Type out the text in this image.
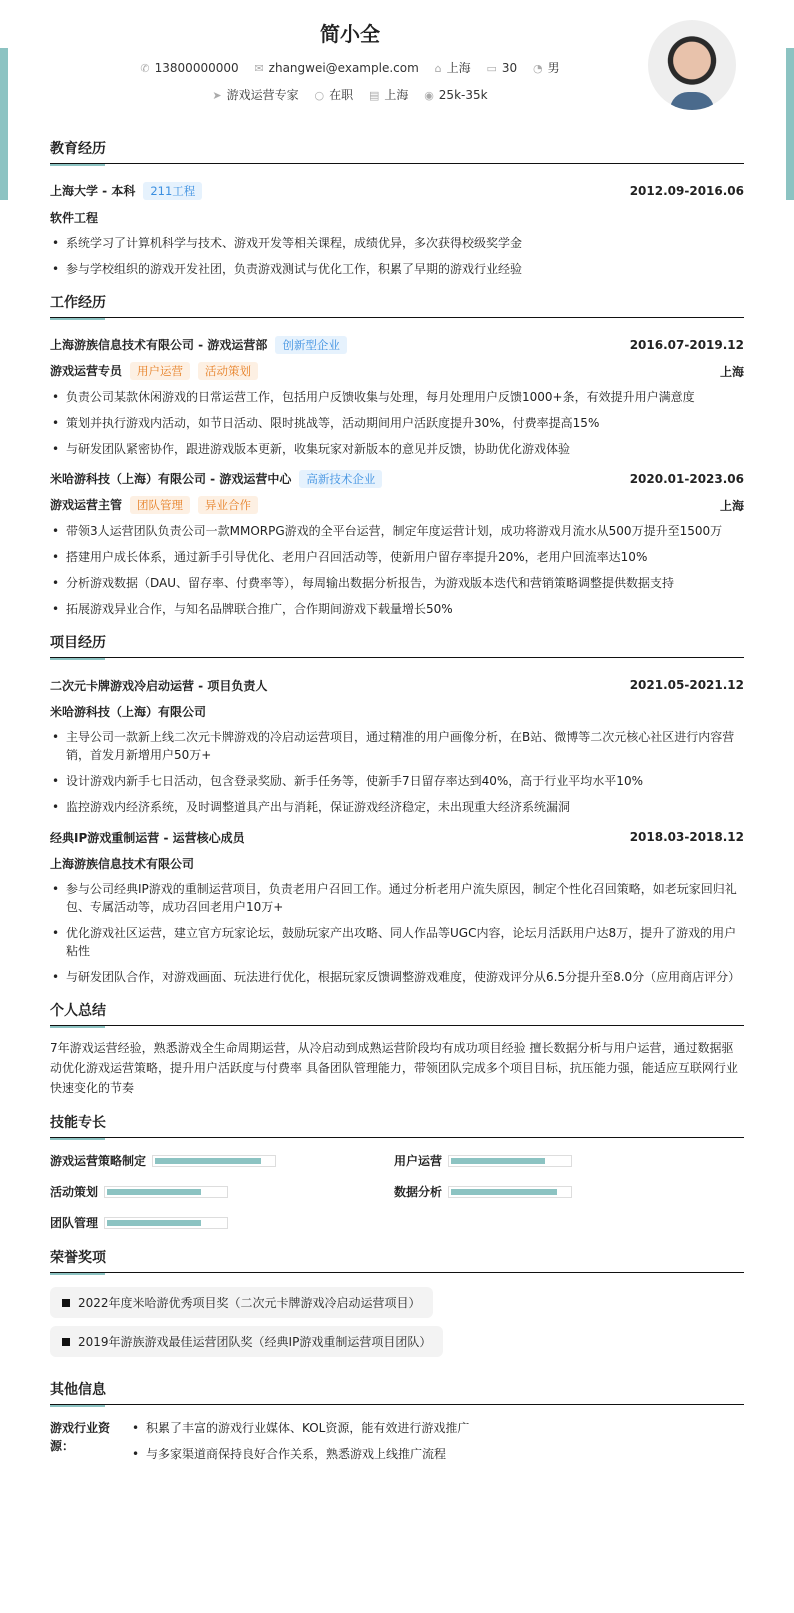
简小全
✆ 13800000000 ✉ zhangwei@example.com ⌂ 上海 ▭ 30 ◔ 男
➤ 游戏运营专家 ○ 在职 ▤ 上海 ◉ 25k-35k
教育经历
上海大学 - 本科 211工程	2012.09-2016.06
软件工程
• 系统学习了计算机科学与技术、游戏开发等相关课程，成绩优异，多次获得校级奖学金
• 参与学校组织的游戏开发社团，负责游戏测试与优化工作，积累了早期的游戏行业经验
工作经历
上海游族信息技术有限公司 - 游戏运营部 创新型企业	2016.07-2019.12
游戏运营专员 用户运营 活动策划	上海
• 负责公司某款休闲游戏的日常运营工作，包括用户反馈收集与处理，每月处理用户反馈1000+条，有效提升用户满意度
• 策划并执行游戏内活动，如节日活动、限时挑战等，活动期间用户活跃度提升30%，付费率提高15%
• 与研发团队紧密协作，跟进游戏版本更新，收集玩家对新版本的意见并反馈，协助优化游戏体验
米哈游科技（上海）有限公司 - 游戏运营中心 高新技术企业	2020.01-2023.06
游戏运营主管 团队管理 异业合作	上海
• 带领3人运营团队负责公司一款MMORPG游戏的全平台运营，制定年度运营计划，成功将游戏月流水从500万提升至1500万
• 搭建用户成长体系，通过新手引导优化、老用户召回活动等，使新用户留存率提升20%，老用户回流率达10%
• 分析游戏数据（DAU、留存率、付费率等），每周输出数据分析报告，为游戏版本迭代和营销策略调整提供数据支持
• 拓展游戏异业合作，与知名品牌联合推广，合作期间游戏下载量增长50%
项目经历
二次元卡牌游戏冷启动运营 - 项目负责人	2021.05-2021.12
米哈游科技（上海）有限公司
• 主导公司一款新上线二次元卡牌游戏的冷启动运营项目，通过精准的用户画像分析，在B站、微博等二次元核心社区进行内容营销，首发月新增用户50万+
• 设计游戏内新手七日活动，包含登录奖励、新手任务等，使新手7日留存率达到40%，高于行业平均水平10%
• 监控游戏内经济系统，及时调整道具产出与消耗，保证游戏经济稳定，未出现重大经济系统漏洞
经典IP游戏重制运营 - 运营核心成员	2018.03-2018.12
上海游族信息技术有限公司
• 参与公司经典IP游戏的重制运营项目，负责老用户召回工作。通过分析老用户流失原因，制定个性化召回策略，如老玩家回归礼包、专属活动等，成功召回老用户10万+
• 优化游戏社区运营，建立官方玩家论坛，鼓励玩家产出攻略、同人作品等UGC内容，论坛月活跃用户达8万，提升了游戏的用户粘性
• 与研发团队合作，对游戏画面、玩法进行优化，根据玩家反馈调整游戏难度，使游戏评分从6.5分提升至8.0分（应用商店评分）
个人总结
7年游戏运营经验，熟悉游戏全生命周期运营，从冷启动到成熟运营阶段均有成功项目经验 擅长数据分析与用户运营，通过数据驱动优化游戏运营策略，提升用户活跃度与付费率 具备团队管理能力，带领团队完成多个项目目标，抗压能力强，能适应互联网行业快速变化的节奏
技能专长
游戏运营策略制定	用户运营
活动策划	数据分析
团队管理
荣誉奖项
2022年度米哈游优秀项目奖（二次元卡牌游戏冷启动运营项目）
2019年游族游戏最佳运营团队奖（经典IP游戏重制运营项目团队）
其他信息
游戏行业资源：
• 积累了丰富的游戏行业媒体、KOL资源，能有效进行游戏推广
• 与多家渠道商保持良好合作关系，熟悉游戏上线推广流程
